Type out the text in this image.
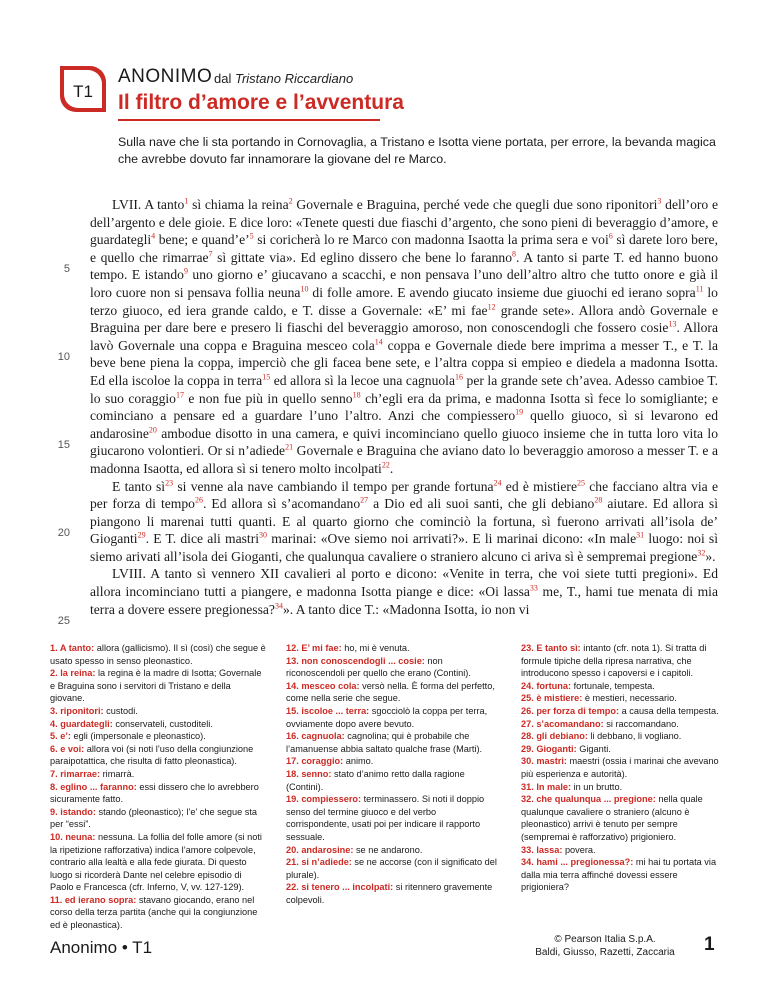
T1
ANONIMO dal Tristano Riccardiano
Il filtro d’amore e l’avventura
Sulla nave che li sta portando in Cornovaglia, a Tristano e Isotta viene portata, per errore, la bevanda magica che avrebbe dovuto far innamorare la giovane del re Marco.
5
10
15
20
25

LVII. A tanto$^1$ sì chiama la reina$^2$ Governale e Braguina, perché vede che quegli due sono riponitori$^3$ dell’oro e dell’argento e dele gioie. E dice loro: «Tenete questi due fiaschi d’argento, che sono pieni di beveraggio d’amore, e guardategli$^4$ bene; e quand’e’$^5$ si coricherà lo re Marco con madonna Isaotta la prima sera e voi$^6$ sì darete loro bere, e quello che rimarrae$^7$ sì gittate via». Ed eglino dissero che bene lo faranno$^8$. A tanto si parte T. ed hanno buono tempo. E istando$^9$ uno giorno e’ giucavano a scacchi, e non pensava l’uno dell’altro altro che tutto onore e già il loro cuore non si pensava follia neuna$^{10}$ di folle amore. E avendo giucato insieme due giuochi ed ierano sopra$^{11}$ lo terzo giuoco, ed iera grande caldo, e T. disse a Governale: «E’ mi fae$^{12}$ grande sete». Allora andò Governale e Braguina per dare bere e presero li fiaschi del beveraggio amoroso, non conoscendogli che fossero cosie$^{13}$. Allora lavò Governale una coppa e Braguina mesceo cola$^{14}$ coppa e Governale diede bere imprima a messer T., e T. la beve bene piena la coppa, imperciò che gli facea bene sete, e l’altra coppa si empieo e diedela a madonna Isotta. Ed ella iscoloe la coppa in terra$^{15}$ ed allora sì la lecoe una cagnuola$^{16}$ per la grande sete ch’avea. Adesso cambioe T. lo suo coraggio$^{17}$ e non fue più in quello senno$^{18}$ ch’egli era da prima, e madonna Isotta sì fece lo somigliante; e cominciano a pensare ed a guardare l’uno l’altro. Anzi che compiessero$^{19}$ quello giuoco, sì si levarono ed andarosine$^{20}$ ambodue disotto in una camera, e quivi incominciano quello giuoco insieme che in tutta loro vita lo giucarono volontieri. Or si n’adiede$^{21}$ Governale e Braguina che aviano dato lo beveraggio amoroso a messer T. e a madonna Isaotta, ed allora sì si tenero molto incolpati$^{22}$.

E tanto $sì^{23}$ si venne ala nave cambiando il tempo per grande fortuna$^{24}$ ed è mistiere$^{25}$ che facciano altra via e per forza di tempo$^{26}$. Ed allora sì s’acomandano$^{27}$ a Dio ed ali suoi santi, che gli debiano$^{28}$ aiutare. Ed allora sì piangono li marenai tutti quanti. E al quarto giorno che cominciò la fortuna, sì fuerono arrivati all’isola de’ Gioganti$^{29}$. E T. dice ali mastri$^{30}$ marinai: «Ove siemo noi arrivati?». E li marinai dicono: «In male$^{31}$ luogo: noi sì siemo arivati all’isola dei Gioganti, che qualunqua cavaliere o straniero alcuno ci ariva sì è sempremai pregione$^{32}$».

LVIII. A tanto sì vennero XII cavalieri al porto e dicono: «Venite in terra, che voi siete tutti pregioni». Ed allora incominciano tutti a piangere, e madonna Isotta piange e dice: «Oi lassa$^{33}$ me, T., hami tue menata di mia terra a dovere essere pregionessa?$^{34}$». A tanto dice T.: «Madonna Isotta, io non vi

1. A tanto: allora (gallicismo). Il sì (così) che segue è usato spesso in senso pleonastico.

2. la reina: la regina è la madre di Isotta; Governale e Braguina sono i servitori di Tristano e della giovane.

3. riponitori: custodi.

4. guardategli: conservateli, custoditeli.

5. e’: egli (impersonale e pleonastico).

6. e voi: allora voi (si noti l’uso della congiunzione paraipotattica, che risulta di fatto pleonastica).

7. rimarrae: rimarrà.

8. eglino ... faranno: essi dissero che lo avrebbero sicuramente fatto.

9. istando: stando (pleonastico); l’e’ che segue sta per “essi”.

10. neuna: nessuna. La follia del folle amore (si noti la ripetizione rafforzativa) indica l’amore colpevole, contrario alla lealtà e alla fede giurata. Di questo luogo si ricorderà Dante nel celebre episodio di Paolo e Francesca (cfr. Inferno, V, vv. 127-129).

11. ed ierano sopra: stavano giocando, erano nel corso della terza partita (anche qui la congiunzione ed è pleonastica).

12. E’ mi fae: ho, mi è venuta.

13. non conoscendogli ... cosie: non riconoscendoli per quello che erano (Contini).

14. mesceo cola: versò nella. È forma del perfetto, come nella serie che segue.

15. iscoloe ... terra: sgocciolò la coppa per terra, ovviamente dopo avere bevuto.

16. cagnuola: cagnolina; qui è probabile che l’amanuense abbia saltato qualche frase (Marti).

17. coraggio: animo.

18. senno: stato d’animo retto dalla ragione (Contini).

19. compiessero: terminassero. Si noti il doppio senso del termine giuoco e del verbo corrispondente, usati poi per indicare il rapporto sessuale.

20. andarosine: se ne andarono.

21. si n’adiede: se ne accorse (con il significato del plurale).

22. si tenero ... incolpati: si ritennero gravemente colpevoli.

23. E tanto sì: intanto (cfr. nota 1). Si tratta di formule tipiche della ripresa narrativa, che introducono spesso i capoversi e i capitoli.

24. fortuna: fortunale, tempesta.

25. è mistiere: è mestieri, necessario.

26. per forza di tempo: a causa della tempesta.

27. s’acomandano: si raccomandano.

28. gli debiano: li debbano, li vogliano.

29. Gioganti: Giganti.

30. mastri: maestri (ossia i marinai che avevano più esperienza e autorità).

31. In male: in un brutto.

32. che qualunqua ... pregione: nella quale qualunque cavaliere o straniero (alcuno è pleonastico) arrivi è tenuto per sempre (sempremai è rafforzativo) prigioniero.

33. lassa: povera.

34. hami ... pregionessa?: mi hai tu portata via dalla mia terra affinché dovessi essere prigioniera?

Anonimo • T1	© Pearson Italia S.p.A.
Baldi, Giusso, Razetti, Zaccaria	1
